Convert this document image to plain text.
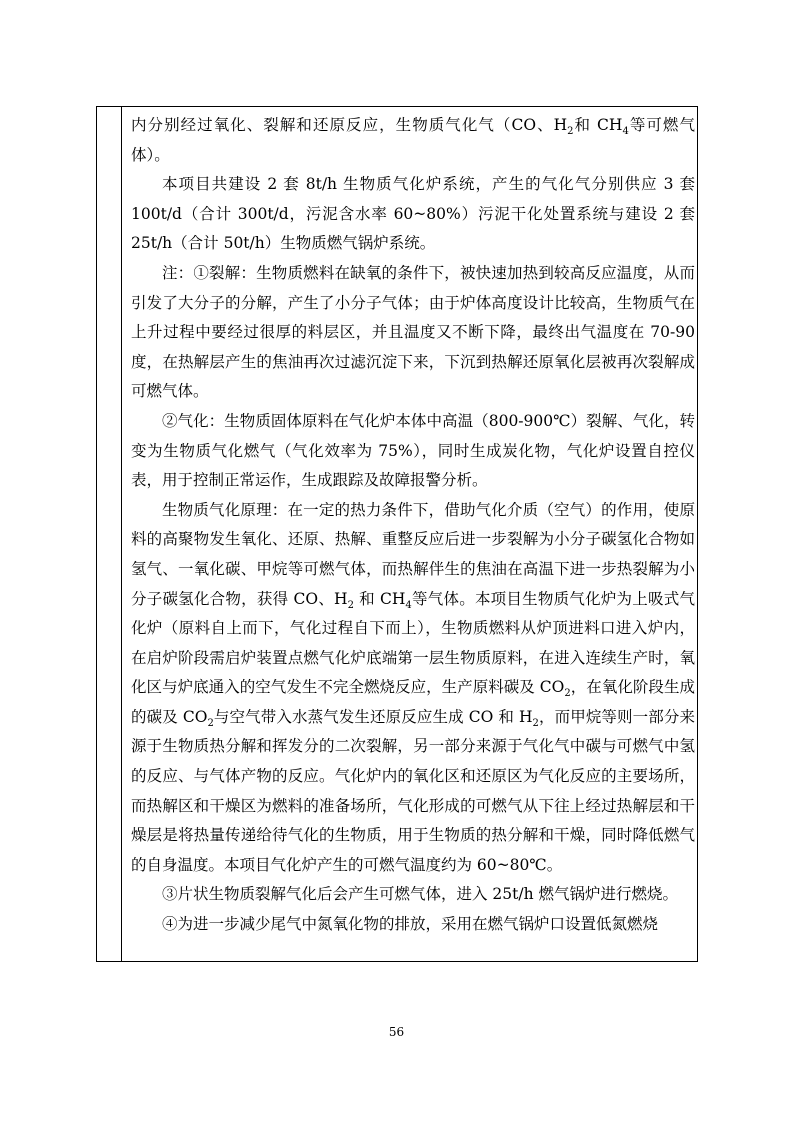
内分别经过氧化、裂解和还原反应，生物质气化气（CO、$H_2$和 $CH_4$等可燃气体）。

本项目共建设 2 套 8t/h 生物质气化炉系统，产生的气化气分别供应 3 套 100t/d（合计 300t/d，污泥含水率 60~80%）污泥干化处置系统与建设 2 套 25t/h（合计 50t/h）生物质燃气锅炉系统。

注：①裂解：生物质燃料在缺氧的条件下，被快速加热到较高反应温度，从而引发了大分子的分解，产生了小分子气体；由于炉体高度设计比较高，生物质气在上升过程中要经过很厚的料层区，并且温度又不断下降，最终出气温度在 70-90 度，在热解层产生的焦油再次过滤沉淀下来，下沉到热解还原氧化层被再次裂解成可燃气体。

②气化：生物质固体原料在气化炉本体中高温（800-900℃）裂解、气化，转变为生物质气化燃气（气化效率为 75%），同时生成炭化物，气化炉设置自控仪表，用于控制正常运作，生成跟踪及故障报警分析。

生物质气化原理：在一定的热力条件下，借助气化介质（空气）的作用，使原料的高聚物发生氧化、还原、热解、重整反应后进一步裂解为小分子碳氢化合物如氢气、一氧化碳、甲烷等可燃气体，而热解伴生的焦油在高温下进一步热裂解为小分子碳氢化合物，获得 CO、$H_2$ 和 $CH_4$等气体。本项目生物质气化炉为上吸式气化炉（原料自上而下，气化过程自下而上），生物质燃料从炉顶进料口进入炉内，在启炉阶段需启炉装置点燃气化炉底端第一层生物质原料，在进入连续生产时，氧化区与炉底通入的空气发生不完全燃烧反应，生产原料碳及 $CO_2$，在氧化阶段生成的碳及 $CO_2$与空气带入水蒸气发生还原反应生成 CO 和 $H_2$，而甲烷等则一部分来源于生物质热分解和挥发分的二次裂解，另一部分来源于气化气中碳与可燃气中氢的反应、与气体产物的反应。气化炉内的氧化区和还原区为气化反应的主要场所，而热解区和干燥区为燃料的准备场所，气化形成的可燃气从下往上经过热解层和干燥层是将热量传递给待气化的生物质，用于生物质的热分解和干燥，同时降低燃气的自身温度。本项目气化炉产生的可燃气温度约为 60~80℃。

③片状生物质裂解气化后会产生可燃气体，进入 25t/h 燃气锅炉进行燃烧。

④为进一步减少尾气中氮氧化物的排放，采用在燃气锅炉口设置低氮燃烧

56
